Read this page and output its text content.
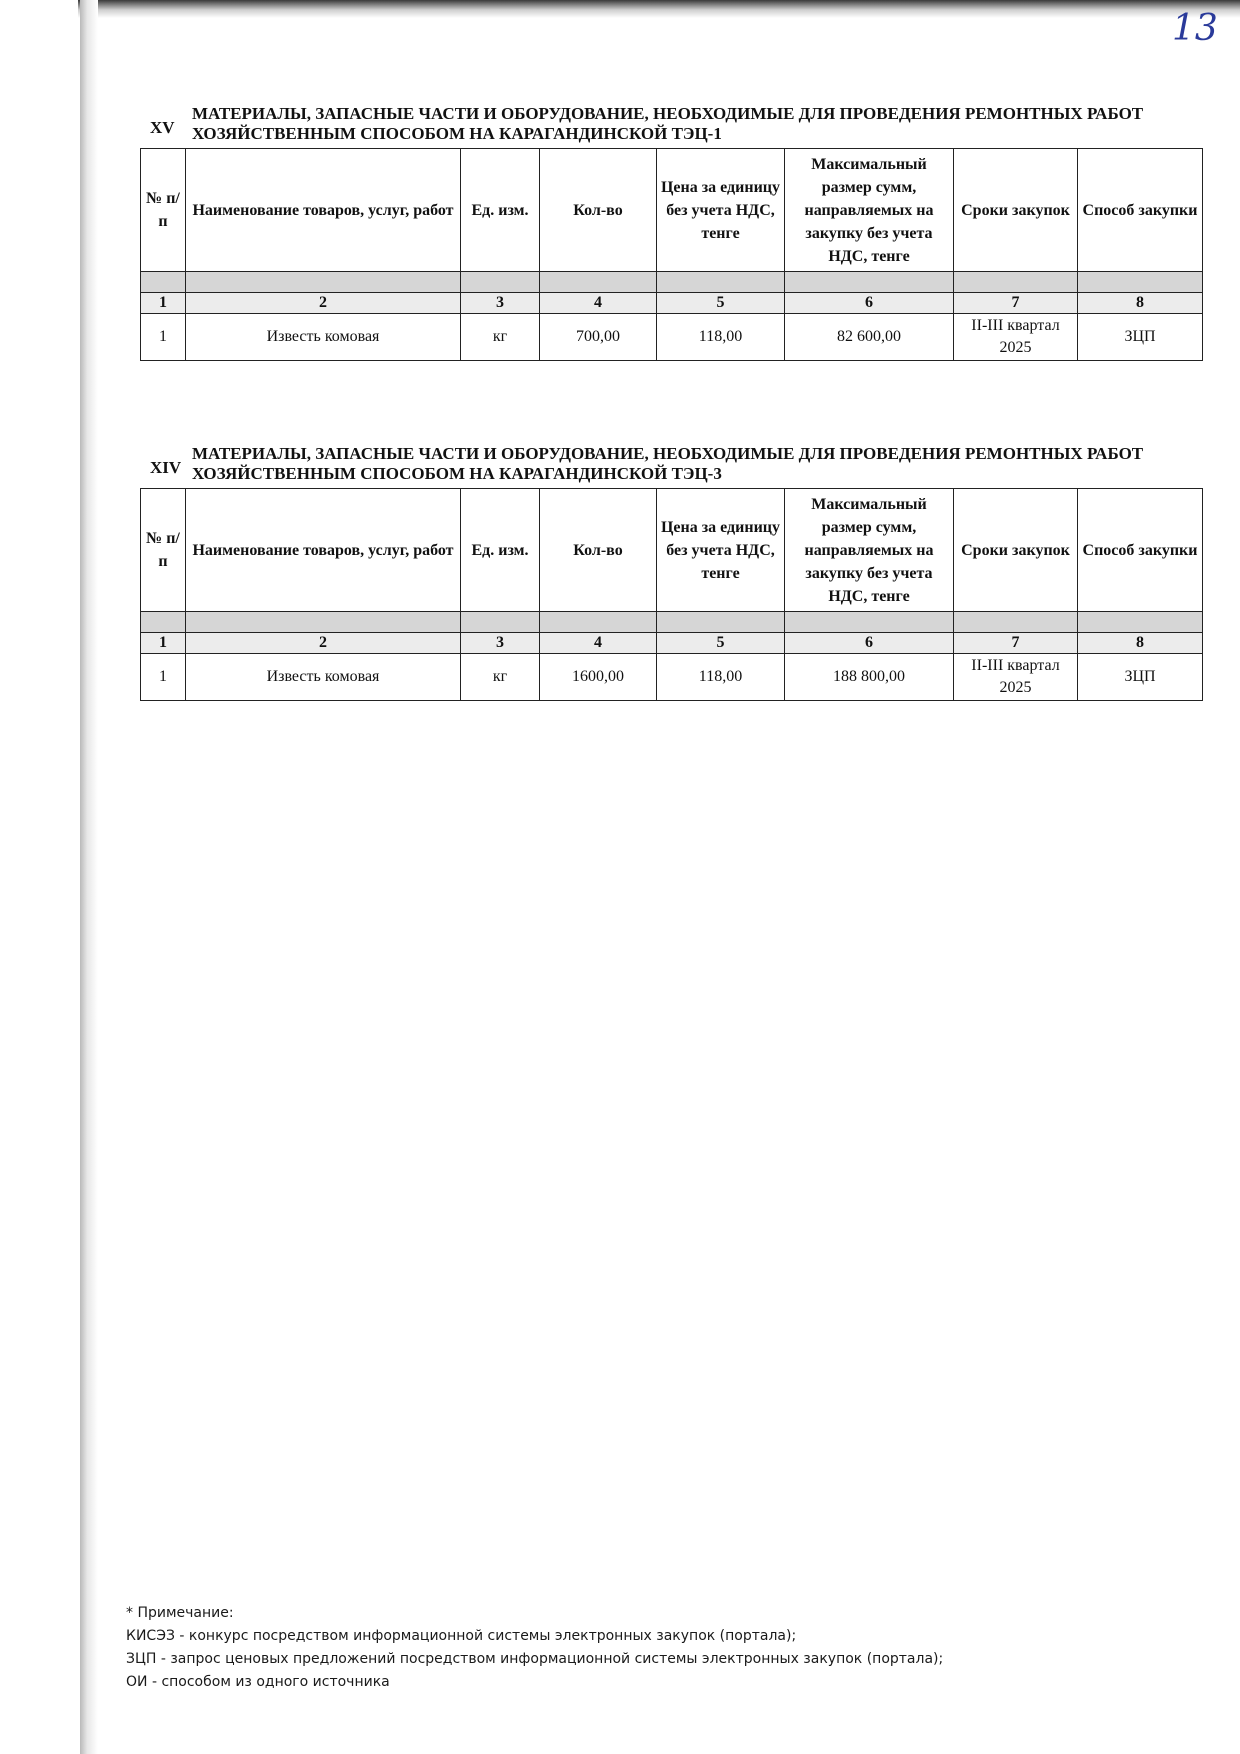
13
XV
МАТЕРИАЛЫ, ЗАПАСНЫЕ ЧАСТИ И ОБОРУДОВАНИЕ, НЕОБХОДИМЫЕ ДЛЯ ПРОВЕДЕНИЯ РЕМОНТНЫХ РАБОТ ХОЗЯЙСТВЕННЫМ СПОСОБОМ НА КАРАГАНДИНСКОЙ ТЭЦ-1
№ п/п	Наименование товаров, услуг, работ	Ед. изм.	Кол-во	Цена за единицу без учета НДС, тенге	Максимальный размер сумм, направляемых на закупку без учета НДС, тенге	Сроки закупок	Способ закупки

1	2	3	4	5	6	7	8
1	Известь комовая	кг	700,00	118,00	82 600,00	II-III квартал 2025	ЗЦП
XIV
МАТЕРИАЛЫ, ЗАПАСНЫЕ ЧАСТИ И ОБОРУДОВАНИЕ, НЕОБХОДИМЫЕ ДЛЯ ПРОВЕДЕНИЯ РЕМОНТНЫХ РАБОТ ХОЗЯЙСТВЕННЫМ СПОСОБОМ НА КАРАГАНДИНСКОЙ ТЭЦ-3
№ п/п	Наименование товаров, услуг, работ	Ед. изм.	Кол-во	Цена за единицу без учета НДС, тенге	Максимальный размер сумм, направляемых на закупку без учета НДС, тенге	Сроки закупок	Способ закупки

1	2	3	4	5	6	7	8
1	Известь комовая	кг	1600,00	118,00	188 800,00	II-III квартал 2025	ЗЦП
* Примечание:
КИСЭЗ - конкурс посредством информационной системы электронных закупок (портала);
ЗЦП - запрос ценовых предложений посредством информационной системы электронных закупок (портала);
ОИ - способом из одного источника
